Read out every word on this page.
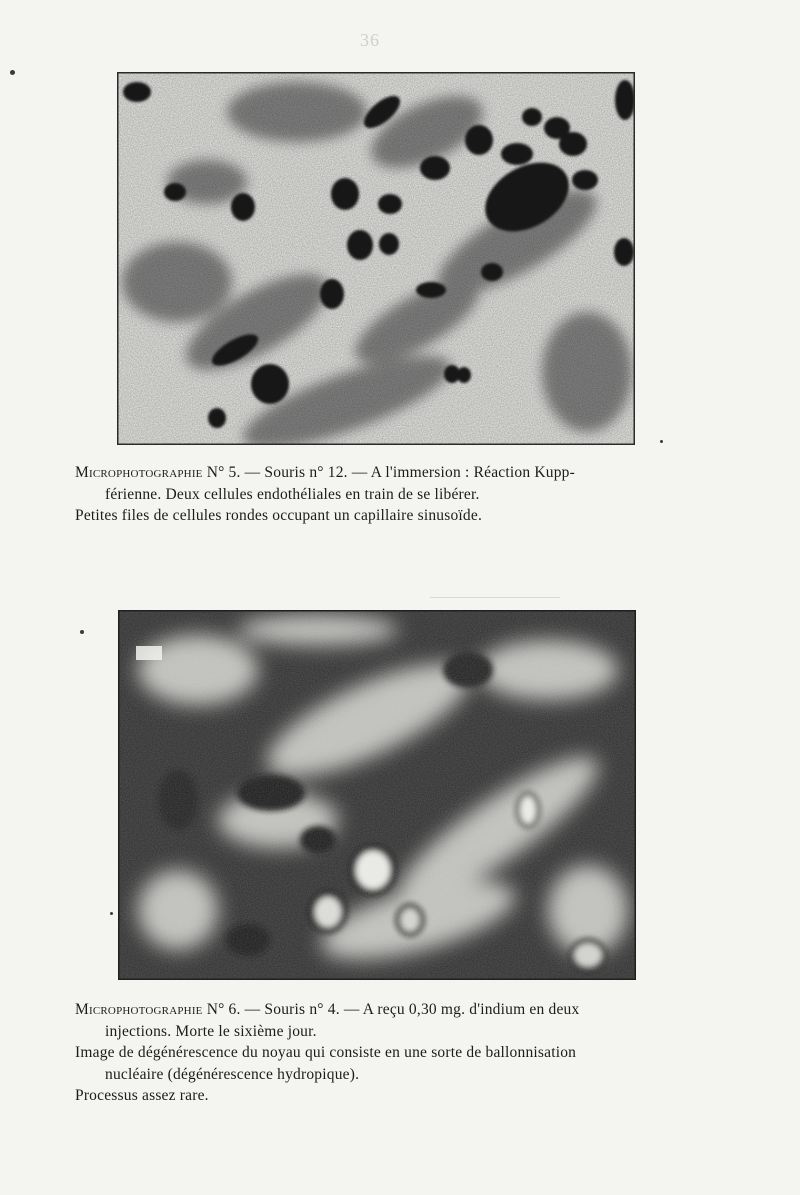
36
Microphotographie N° 5. — Souris n° 12. — A l'immersion : Réaction Kupp-
férienne. Deux cellules endothéliales en train de se libérer.
Petites files de cellules rondes occupant un capillaire sinusoïde.
Microphotographie N° 6. — Souris n° 4. — A reçu 0,30 mg. d'indium en deux
injections. Morte le sixième jour.
Image de dégénérescence du noyau qui consiste en une sorte de ballonnisation
nucléaire (dégénérescence hydropique).
Processus assez rare.
